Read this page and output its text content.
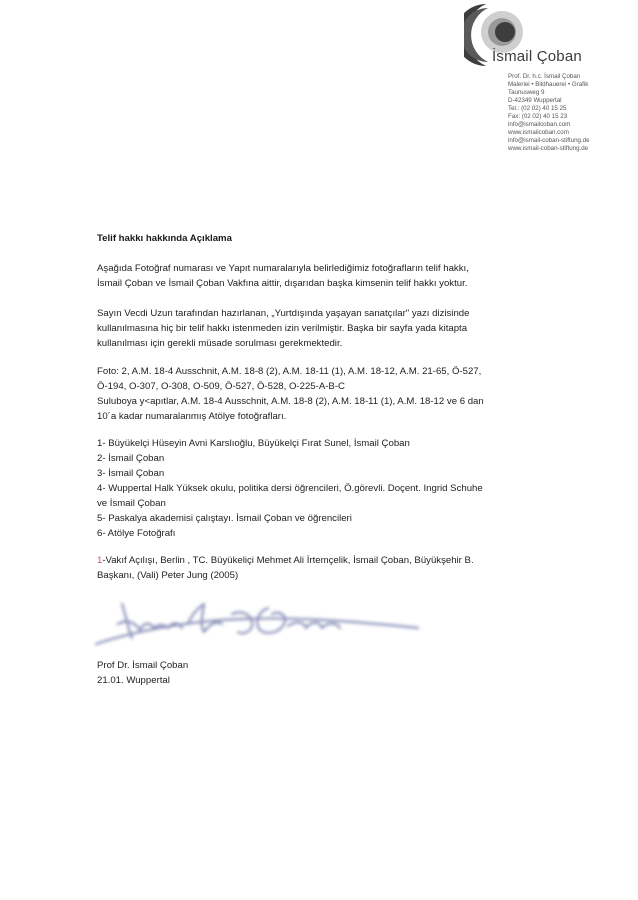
İsmail Çoban
Prof. Dr. h.c. İsmail Çoban
Maleriei • Bildhauerei • Grafik
Taunusweg 9
D-42349 Wuppertal
Tel.: (02 02) 40 15 25
Fax: (02 02) 40 15 23
info@ismailcoban.com
www.ismailcoban.com
info@ismail-coban-stiftung.de
www.ismail-coban-stiftung.de
Telif hakkı hakkında Açıklama
Aşağıda Fotoğraf numarası ve Yapıt numaralarıyla belirlediğimiz fotoğrafların telif hakkı,
İsmail Çoban ve İsmail Çoban Vakfına aittir, dışarıdan başka kimsenin telif hakkı yoktur.
Sayın Vecdi Uzun tarafından hazırlanan, „Yurtdışında yaşayan sanatçılar" yazı dizisinde
kullanılmasına hiç bir telif hakkı istenmeden izin verilmiştir. Başka bir sayfa yada kitapta
kullanılması için gerekli müsade sorulması gerekmektedir.
Foto: 2, A.M. 18-4 Ausschnit, A.M. 18-8 (2), A.M. 18-11 (1), A.M. 18-12, A.M. 21-65, Ö-527,
Ö-194, O-307, O-308, O-509, Ö-527, Ö-528, O-225-A-B-C
Suluboya y<apıtlar, A.M. 18-4 Ausschnit, A.M. 18-8 (2), A.M. 18-11 (1), A.M. 18-12 ve 6 dan
10´a kadar numaralanmış Atölye fotoğrafları.
1- Büyükelçi Hüseyin Avni Karslıoğlu, Büyükelçi Fırat Sunel, İsmail Çoban
2- İsmail Çoban
3- İsmail Çoban
4- Wuppertal Halk Yüksek okulu, politika dersi öğrencileri, Ö.görevli. Doçent. Ingrid Schuhe
ve İsmail Çoban
5- Paskalya akademisi çalıştayı. İsmail Çoban ve öğrencileri
6- Atölye Fotoğrafı
1-Vakıf Açılışı, Berlin , TC. Büyükeliçi Mehmet Ali İrtemçelik, İsmail Çoban, Büyükşehir B.
Başkanı, (Vali) Peter Jung (2005)
Prof Dr. İsmail Çoban
21.01. Wuppertal
